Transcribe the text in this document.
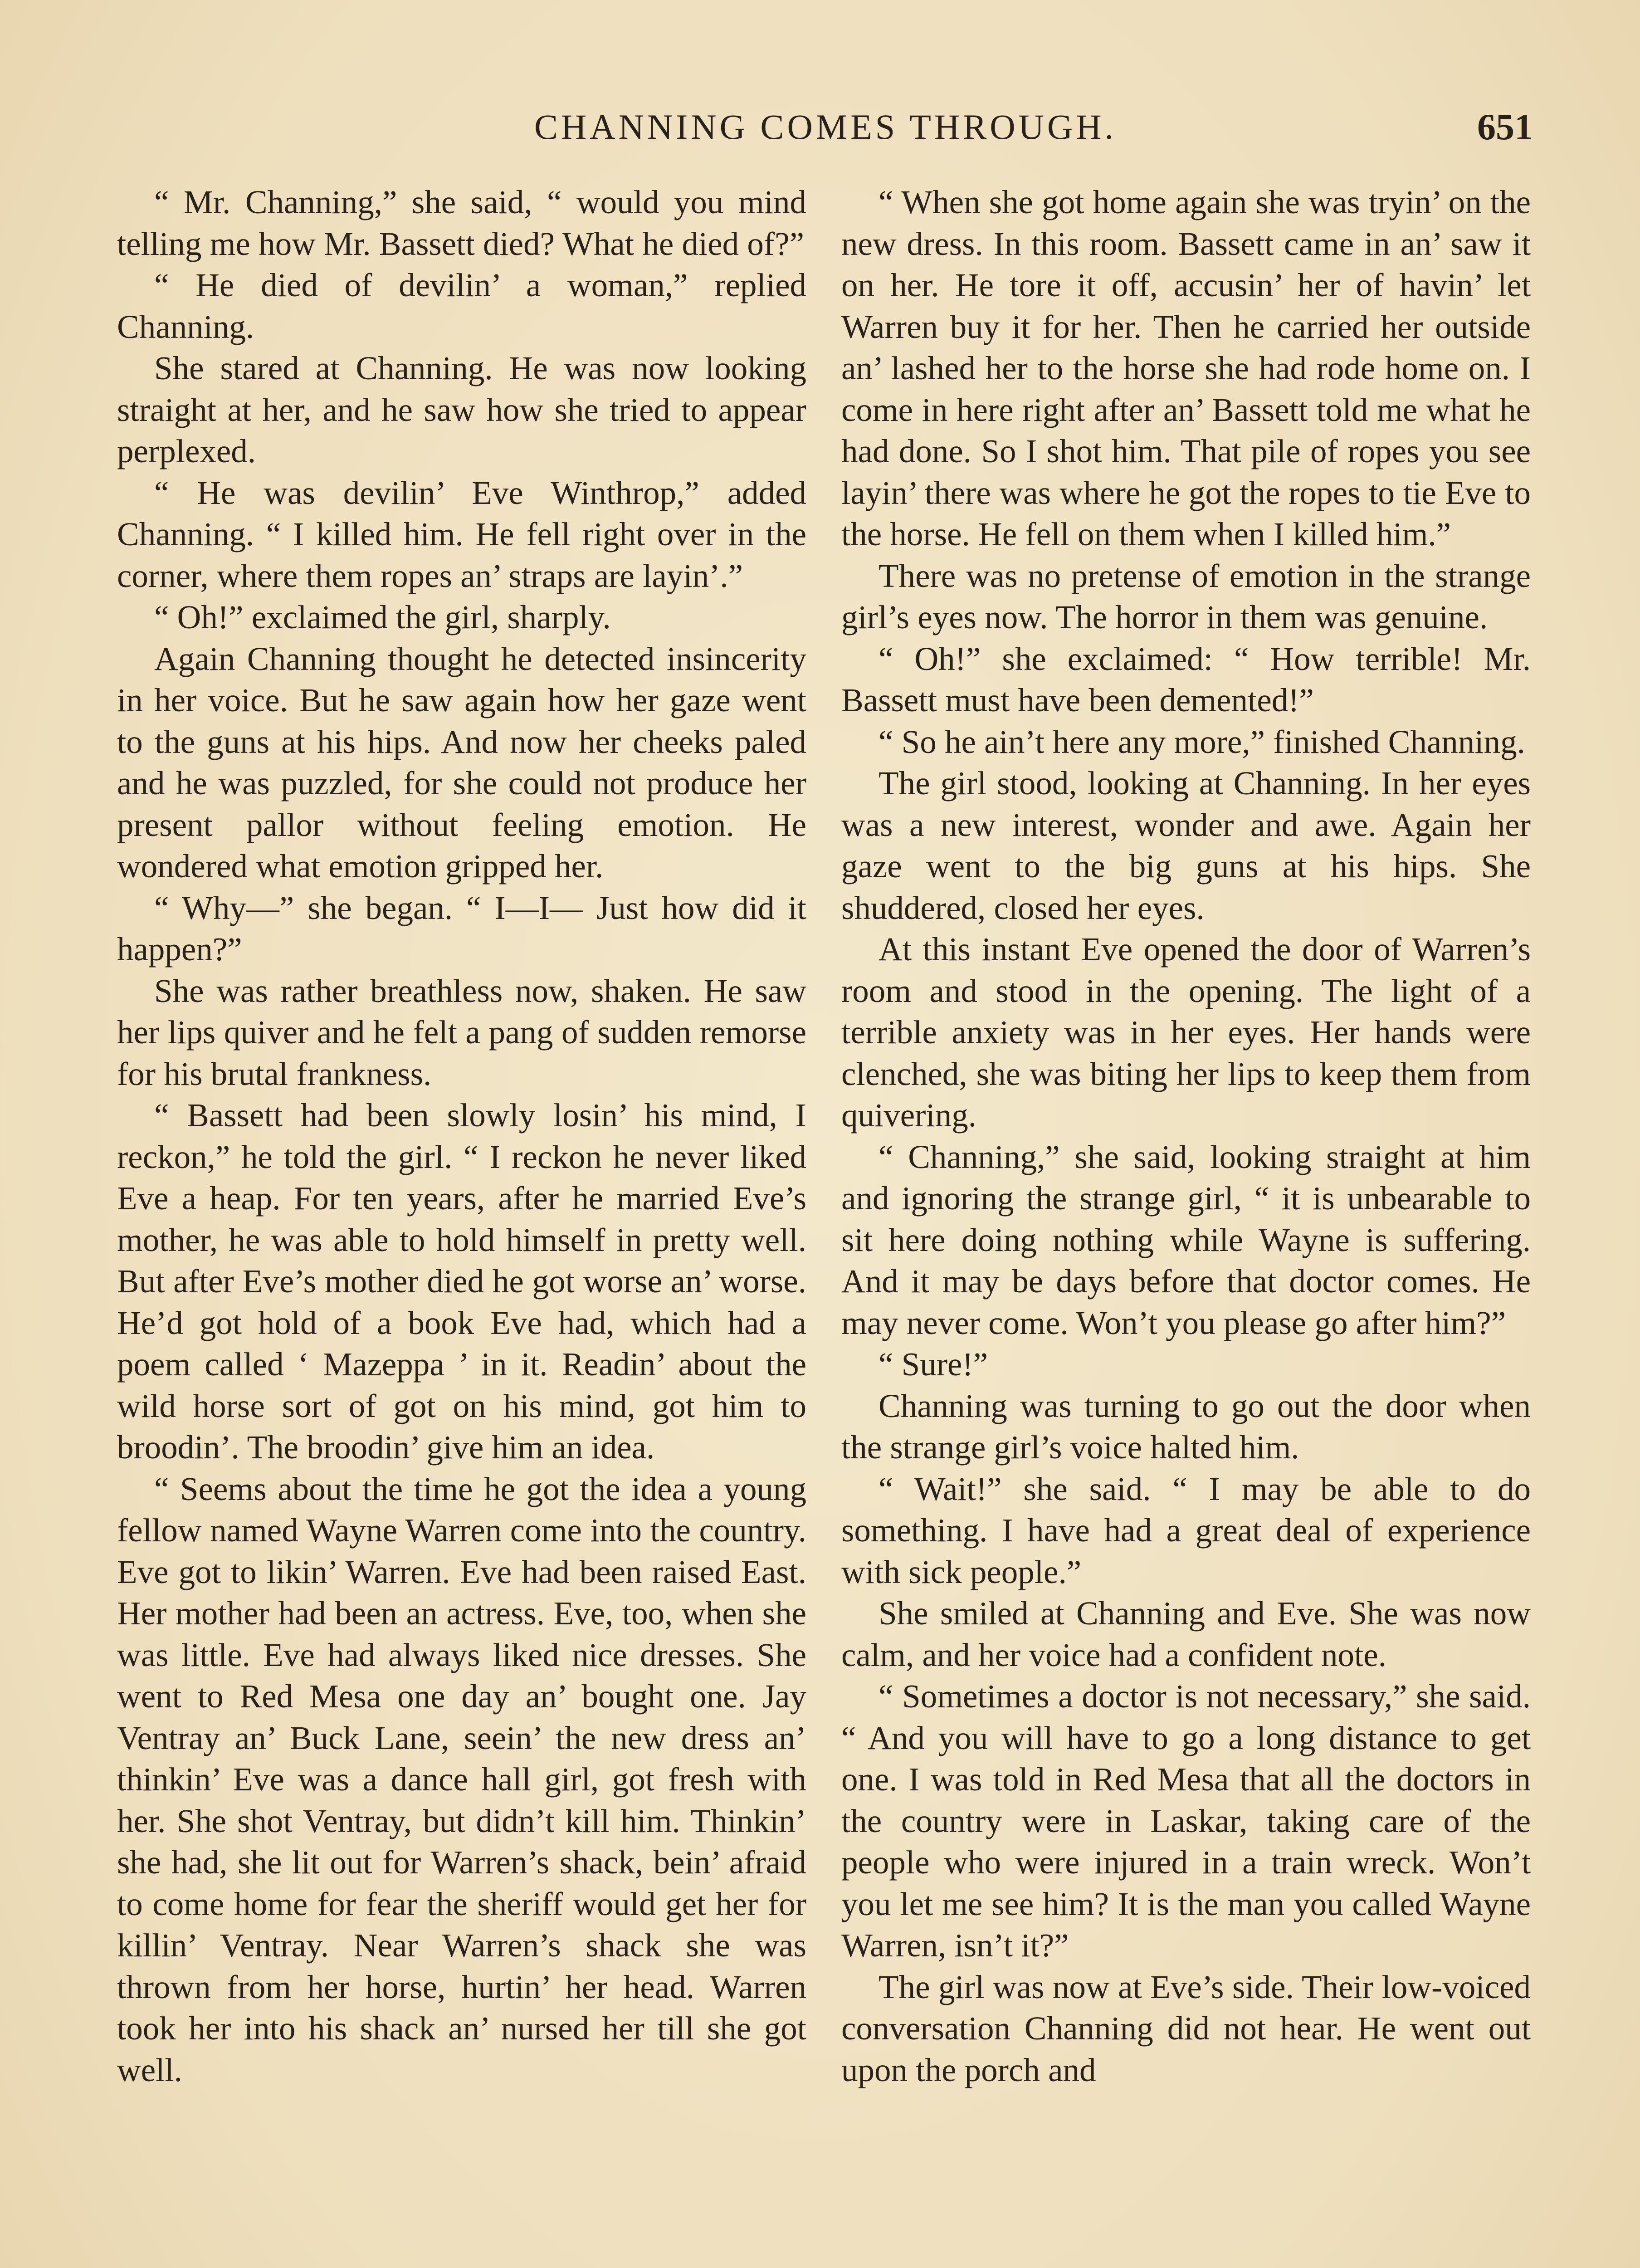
CHANNING COMES THROUGH.	651

“ Mr. Channing,” she said, “ would you mind telling me how Mr. Bassett died? What he died of?”

“ He died of devilin’ a woman,” replied Channing.

She stared at Channing. He was now looking straight at her, and he saw how she tried to appear perplexed.

“ He was devilin’ Eve Winthrop,” added Channing. “ I killed him. He fell right over in the corner, where them ropes an’ straps are layin’.”

“ Oh!” exclaimed the girl, sharply.

Again Channing thought he detected insincerity in her voice. But he saw again how her gaze went to the guns at his hips. And now her cheeks paled and he was puzzled, for she could not produce her present pallor without feeling emotion. He wondered what emotion gripped her.

“ Why—” she began. “ I—I— Just how did it happen?”

She was rather breathless now, shaken. He saw her lips quiver and he felt a pang of sudden remorse for his brutal frankness.

“ Bassett had been slowly losin’ his mind, I reckon,” he told the girl. “ I reckon he never liked Eve a heap. For ten years, after he married Eve’s mother, he was able to hold himself in pretty well. But after Eve’s mother died he got worse an’ worse. He’d got hold of a book Eve had, which had a poem called ‘ Mazeppa ’ in it. Readin’ about the wild horse sort of got on his mind, got him to broodin’. The broodin’ give him an idea.

“ Seems about the time he got the idea a young fellow named Wayne Warren come into the country. Eve got to likin’ Warren. Eve had been raised East. Her mother had been an actress. Eve, too, when she was little. Eve had always liked nice dresses. She went to Red Mesa one day an’ bought one. Jay Ventray an’ Buck Lane, seein’ the new dress an’ thinkin’ Eve was a dance hall girl, got fresh with her. She shot Ventray, but didn’t kill him. Thinkin’ she had, she lit out for Warren’s shack, bein’ afraid to come home for fear the sheriff would get her for killin’ Ventray. Near Warren’s shack she was thrown from her horse, hurtin’ her head. Warren took her into his shack an’ nursed her till she got well.

“ When she got home again she was tryin’ on the new dress. In this room. Bassett came in an’ saw it on her. He tore it off, accusin’ her of havin’ let Warren buy it for her. Then he carried her outside an’ lashed her to the horse she had rode home on. I come in here right after an’ Bassett told me what he had done. So I shot him. That pile of ropes you see layin’ there was where he got the ropes to tie Eve to the horse. He fell on them when I killed him.”

There was no pretense of emotion in the strange girl’s eyes now. The horror in them was genuine.

“ Oh!” she exclaimed: “ How terrible! Mr. Bassett must have been demented!”

“ So he ain’t here any more,” finished Channing.

The girl stood, looking at Channing. In her eyes was a new interest, wonder and awe. Again her gaze went to the big guns at his hips. She shuddered, closed her eyes.

At this instant Eve opened the door of Warren’s room and stood in the opening. The light of a terrible anxiety was in her eyes. Her hands were clenched, she was biting her lips to keep them from quivering.

“ Channing,” she said, looking straight at him and ignoring the strange girl, “ it is unbearable to sit here doing nothing while Wayne is suffering. And it may be days before that doctor comes. He may never come. Won’t you please go after him?”

“ Sure!”

Channing was turning to go out the door when the strange girl’s voice halted him.

“ Wait!” she said. “ I may be able to do something. I have had a great deal of experience with sick people.”

She smiled at Channing and Eve. She was now calm, and her voice had a confident note.

“ Sometimes a doctor is not necessary,” she said. “ And you will have to go a long distance to get one. I was told in Red Mesa that all the doctors in the country were in Laskar, taking care of the people who were injured in a train wreck. Won’t you let me see him? It is the man you called Wayne Warren, isn’t it?”

The girl was now at Eve’s side. Their low-voiced conversation Channing did not hear. He went out upon the porch and
